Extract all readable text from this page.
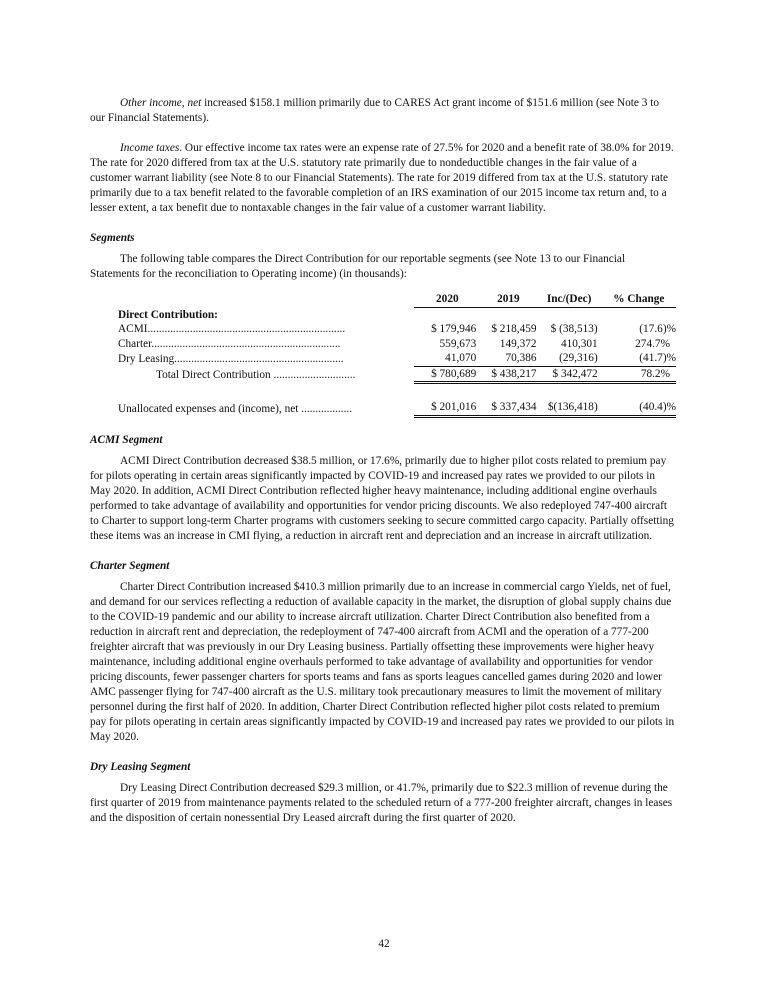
Other income, net increased $158.1 million primarily due to CARES Act grant income of $151.6 million (see Note 3 to our Financial Statements).

Income taxes. Our effective income tax rates were an expense rate of 27.5% for 2020 and a benefit rate of 38.0% for 2019. The rate for 2020 differed from tax at the U.S. statutory rate primarily due to nondeductible changes in the fair value of a customer warrant liability (see Note 8 to our Financial Statements). The rate for 2019 differed from tax at the U.S. statutory rate primarily due to a tax benefit related to the favorable completion of an IRS examination of our 2015 income tax return and, to a lesser extent, a tax benefit due to nontaxable changes in the fair value of a customer warrant liability.

Segments

The following table compares the Direct Contribution for our reportable segments (see Note 13 to our Financial Statements for the reconciliation to Operating income) (in thousands):

	2020	2019	Inc/(Dec)	% Change
Direct Contribution:				
ACMI......................................................................	$ 179,946	$ 218,459	$ (38,513)	(17.6)%
Charter...................................................................	559,673	149,372	410,301	274.7%
Dry Leasing............................................................	41,070	70,386	(29,316)	(41.7)%
Total Direct Contribution .............................	$ 780,689	$ 438,217	$ 342,472	78.2%

Unallocated expenses and (income), net ..................	$ 201,016	$ 337,434	$(136,418)	(40.4)%

ACMI Segment

ACMI Direct Contribution decreased $38.5 million, or 17.6%, primarily due to higher pilot costs related to premium pay for pilots operating in certain areas significantly impacted by COVID-19 and increased pay rates we provided to our pilots in May 2020. In addition, ACMI Direct Contribution reflected higher heavy maintenance, including additional engine overhauls performed to take advantage of availability and opportunities for vendor pricing discounts. We also redeployed 747-400 aircraft to Charter to support long-term Charter programs with customers seeking to secure committed cargo capacity. Partially offsetting these items was an increase in CMI flying, a reduction in aircraft rent and depreciation and an increase in aircraft utilization.

Charter Segment

Charter Direct Contribution increased $410.3 million primarily due to an increase in commercial cargo Yields, net of fuel, and demand for our services reflecting a reduction of available capacity in the market, the disruption of global supply chains due to the COVID-19 pandemic and our ability to increase aircraft utilization. Charter Direct Contribution also benefited from a reduction in aircraft rent and depreciation, the redeployment of 747-400 aircraft from ACMI and the operation of a 777-200 freighter aircraft that was previously in our Dry Leasing business. Partially offsetting these improvements were higher heavy maintenance, including additional engine overhauls performed to take advantage of availability and opportunities for vendor pricing discounts, fewer passenger charters for sports teams and fans as sports leagues cancelled games during 2020 and lower AMC passenger flying for 747-400 aircraft as the U.S. military took precautionary measures to limit the movement of military personnel during the first half of 2020. In addition, Charter Direct Contribution reflected higher pilot costs related to premium pay for pilots operating in certain areas significantly impacted by COVID-19 and increased pay rates we provided to our pilots in May 2020.

Dry Leasing Segment

Dry Leasing Direct Contribution decreased $29.3 million, or 41.7%, primarily due to $22.3 million of revenue during the first quarter of 2019 from maintenance payments related to the scheduled return of a 777-200 freighter aircraft, changes in leases and the disposition of certain nonessential Dry Leased aircraft during the first quarter of 2020.

42
